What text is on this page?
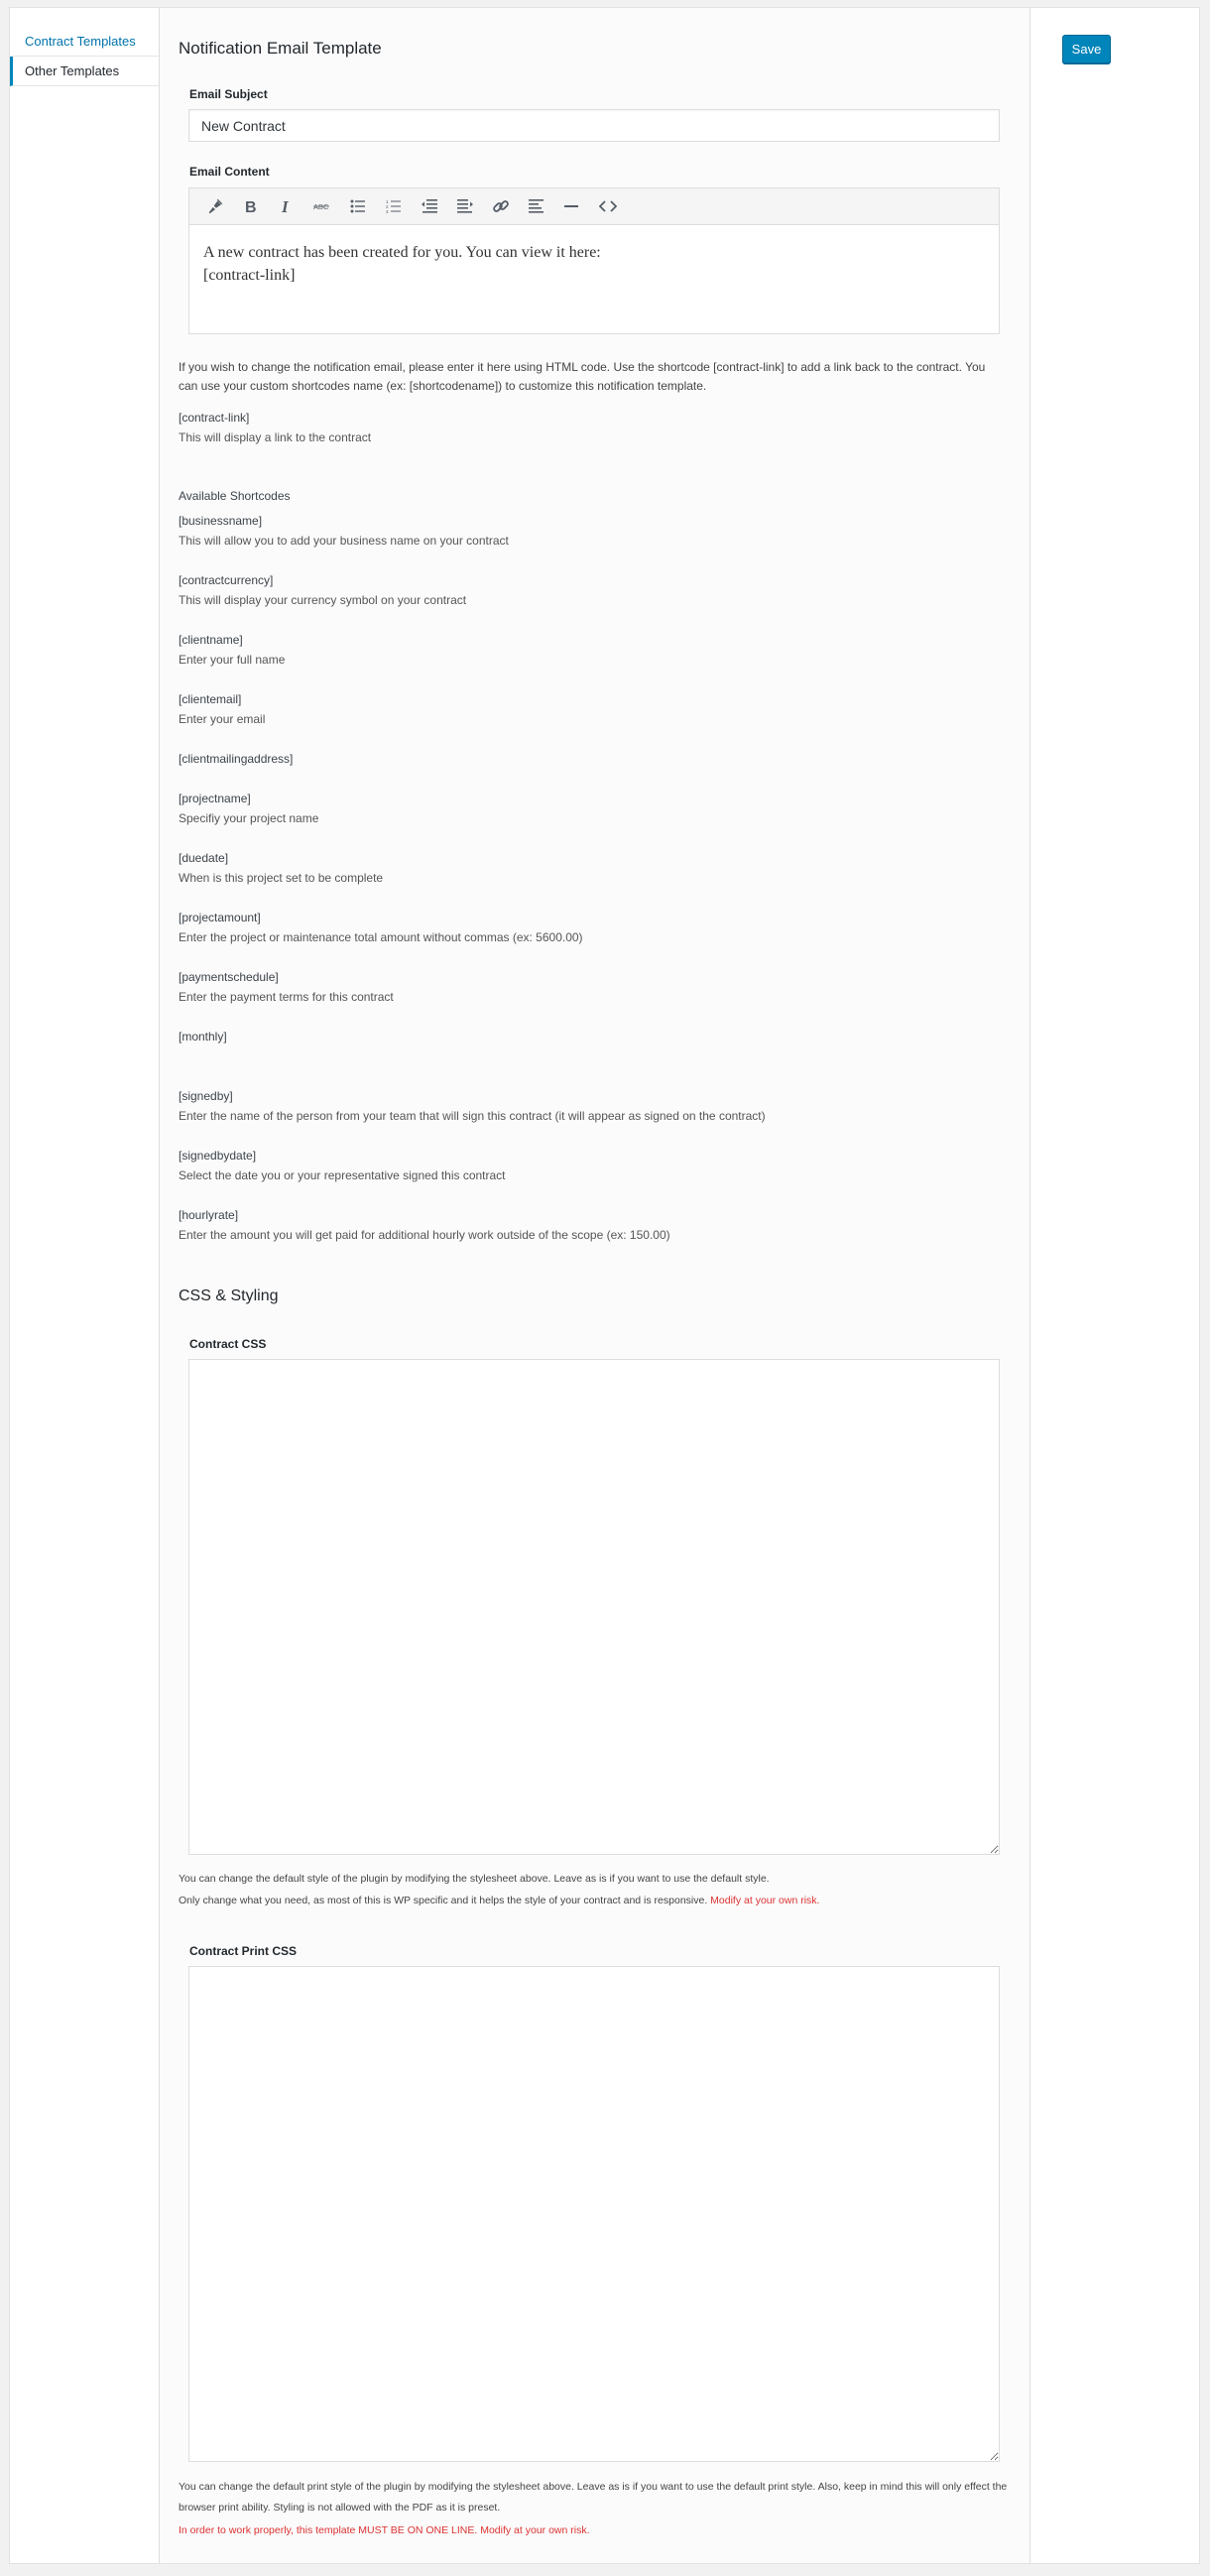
Contract Templates
Other Templates
Notification Email Template
Email Subject
New Contract
Email Content
B I	ABC
1
2
3

A new contract has been created for you. You can view it here:

[contract-link]

If you wish to change the notification email, please enter it here using HTML code. Use the shortcode [contract-link] to add a link back to the contract. You can use your custom shortcodes name (ex: [shortcodename]) to customize this notification template.

[contract-link]
This will display a link to the contract
Available Shortcodes
[businessname]
This will allow you to add your business name on your contract
[contractcurrency]
This will display your currency symbol on your contract
[clientname]
Enter your full name
[clientemail]
Enter your email
[clientmailingaddress]
[projectname]
Specifiy your project name
[duedate]
When is this project set to be complete
[projectamount]
Enter the project or maintenance total amount without commas (ex: 5600.00)
[paymentschedule]
Enter the payment terms for this contract
[monthly]
[signedby]
Enter the name of the person from your team that will sign this contract (it will appear as signed on the contract)
[signedbydate]
Select the date you or your representative signed this contract
[hourlyrate]
Enter the amount you will get paid for additional hourly work outside of the scope (ex: 150.00)
CSS & Styling
Contract CSS

You can change the default style of the plugin by modifying the stylesheet above. Leave as is if you want to use the default style.

Only change what you need, as most of this is WP specific and it helps the style of your contract and is responsive. Modify at your own risk.

Contract Print CSS

You can change the default print style of the plugin by modifying the stylesheet above. Leave as is if you want to use the default print style. Also, keep in mind this will only effect the browser print ability. Styling is not allowed with the PDF as it is preset.

In order to work properly, this template MUST BE ON ONE LINE. Modify at your own risk.

Save
